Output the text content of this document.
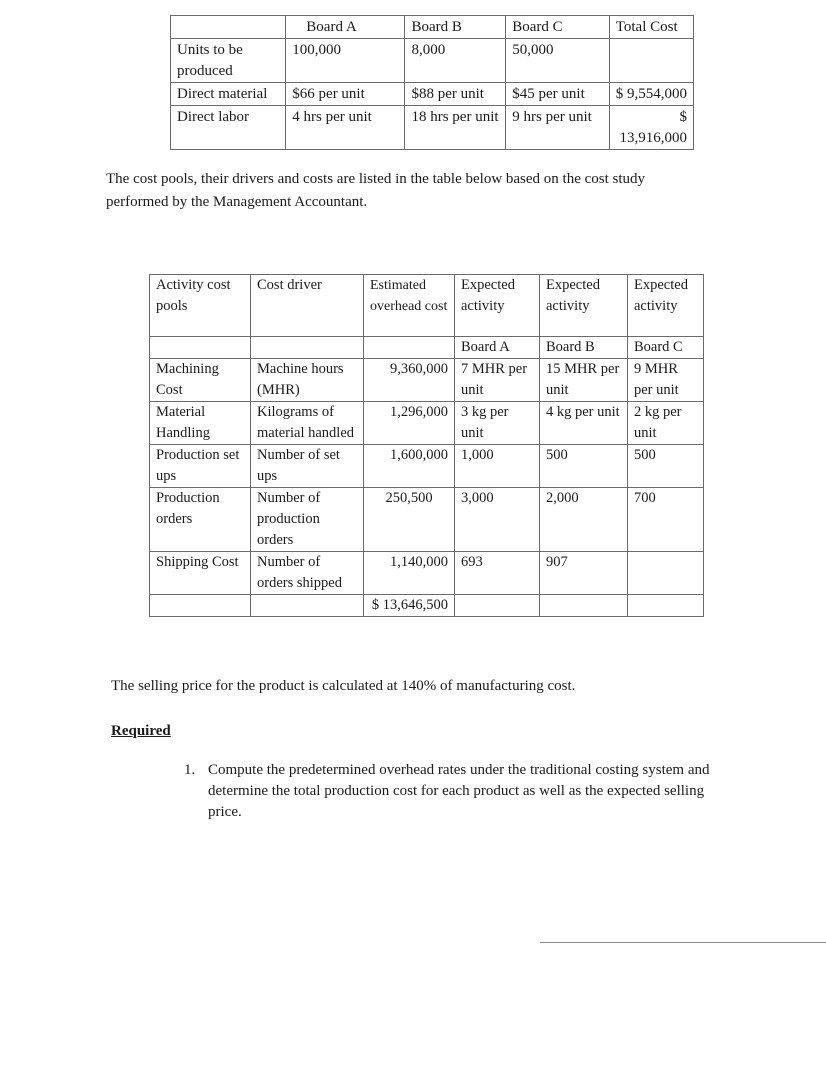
	Board A	Board B	Board C	Total Cost
Units to be produced	100,000	8,000	50,000	
Direct material	$66 per unit	$88 per unit	$45 per unit	$ 9,554,000
Direct labor	4 hrs per unit	18 hrs per unit	9 hrs per unit	$ 13,916,000

The cost pools, their drivers and costs are listed in the table below based on the cost study performed by the Management Accountant.

Activity cost pools	Cost driver	Estimated overhead cost	Expected activity	Expected activity	Expected activity
			Board A	Board B	Board C
Machining Cost	Machine hours (MHR)	9,360,000	7 MHR per unit	15 MHR per unit	9 MHR per unit
Material Handling	Kilograms of material handled	1,296,000	3 kg per unit	4 kg per unit	2 kg per unit
Production set ups	Number of set ups	1,600,000	1,000	500	500
Production orders	Number of production orders	250,500	3,000	2,000	700
Shipping Cost	Number of orders shipped	1,140,000	693	907	
		$ 13,646,500			

The selling price for the product is calculated at 140% of manufacturing cost.

Required

1. Compute the predetermined overhead rates under the traditional costing system and determine the total production cost for each product as well as the expected selling price.
